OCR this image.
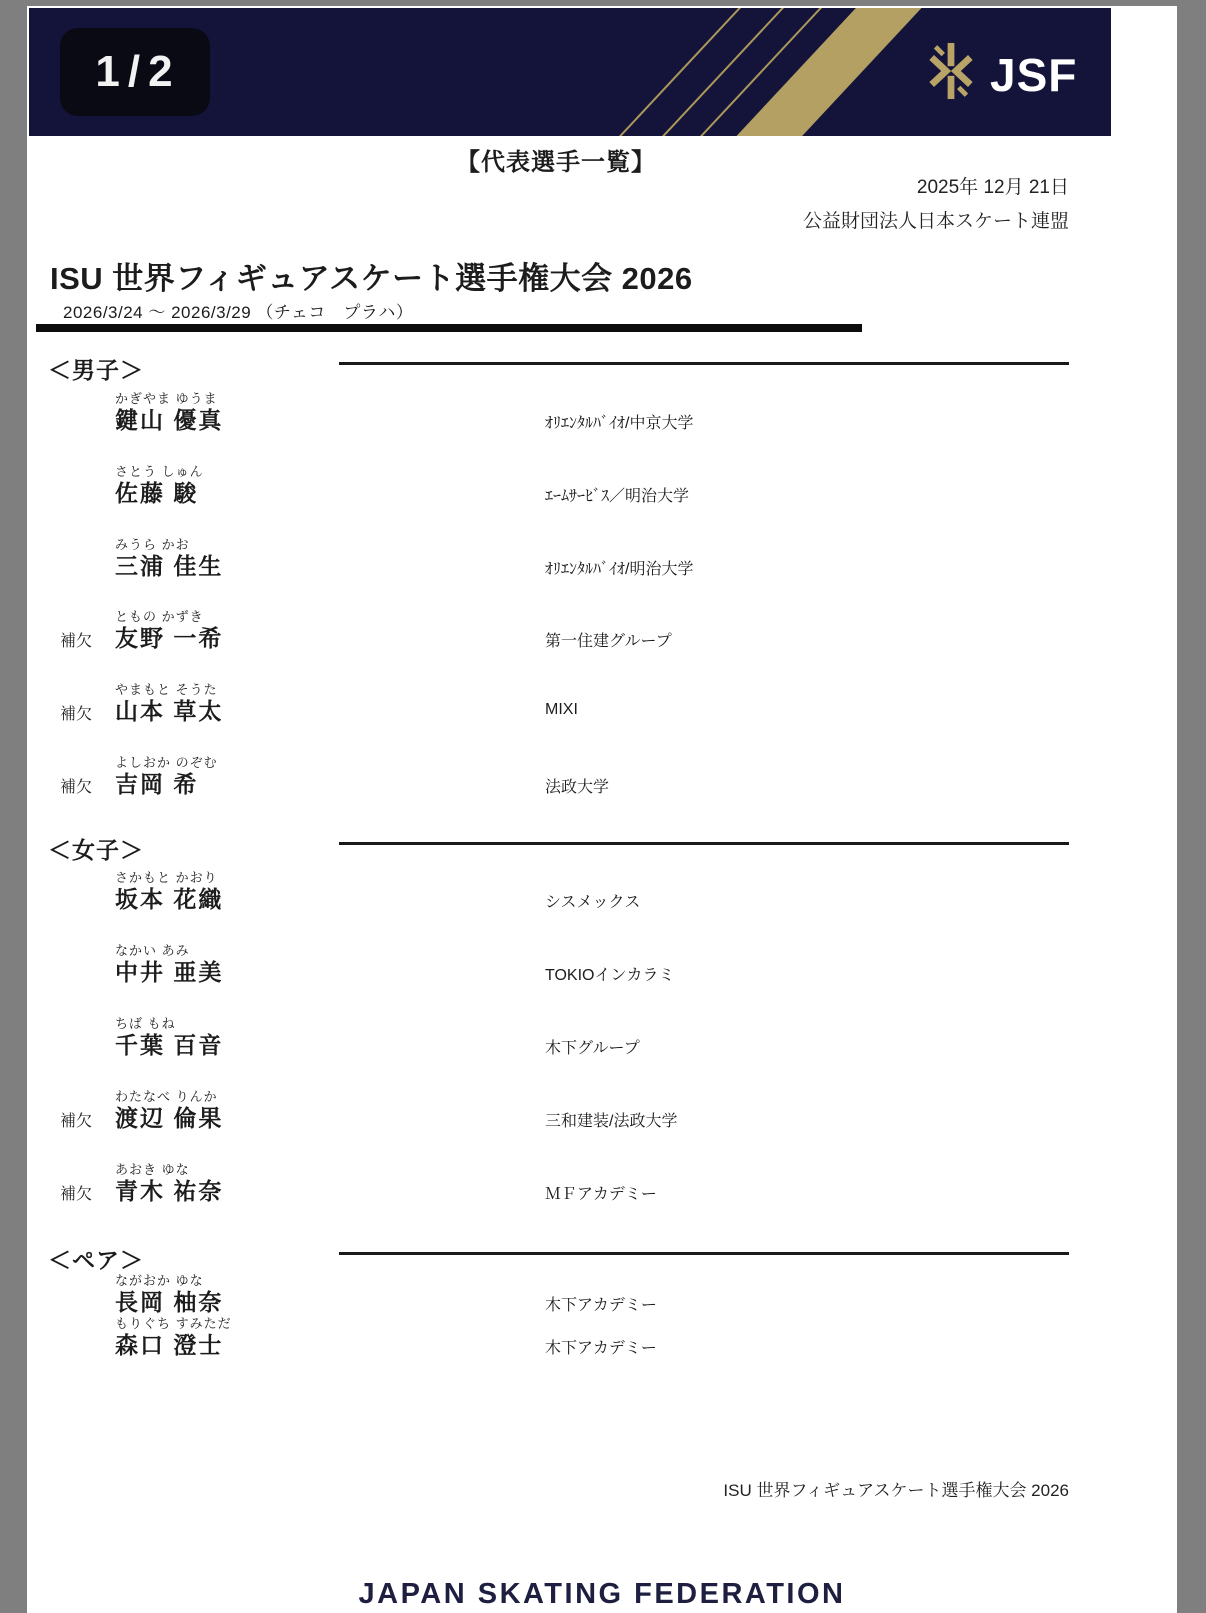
1/2	JSF
【代表選手一覧】
2025年 12月 21日
公益財団法人日本スケート連盟
ISU 世界フィギュアスケート選手権大会 2026
2026/3/24 ～ 2026/3/29 （チェコ　プラハ）
＜男子＞
かぎやま ゆうま
鍵山 優真	ｵﾘｴﾝﾀﾙﾊﾞｲｵ/中京大学
さとう しゅん
佐藤 駿	ｴｰﾑｻｰﾋﾞｽ／明治大学
みうら かお
三浦 佳生	ｵﾘｴﾝﾀﾙﾊﾞｲｵ/明治大学
補欠
ともの かずき
友野 一希	第一住建グループ
補欠
やまもと そうた
山本 草太	MIXI
補欠
よしおか のぞむ
吉岡 希	法政大学
＜女子＞
さかもと かおり
坂本 花織	シスメックス
なかい あみ
中井 亜美	TOKIOインカラミ
ちば もね
千葉 百音	木下グループ
補欠
わたなべ りんか
渡辺 倫果	三和建装/法政大学
補欠
あおき ゆな
青木 祐奈	ＭＦアカデミー
＜ペア＞
ながおか ゆな
長岡 柚奈	木下アカデミー
もりぐち すみただ
森口 澄士	木下アカデミー
ISU 世界フィギュアスケート選手権大会 2026
JAPAN SKATING FEDERATION
